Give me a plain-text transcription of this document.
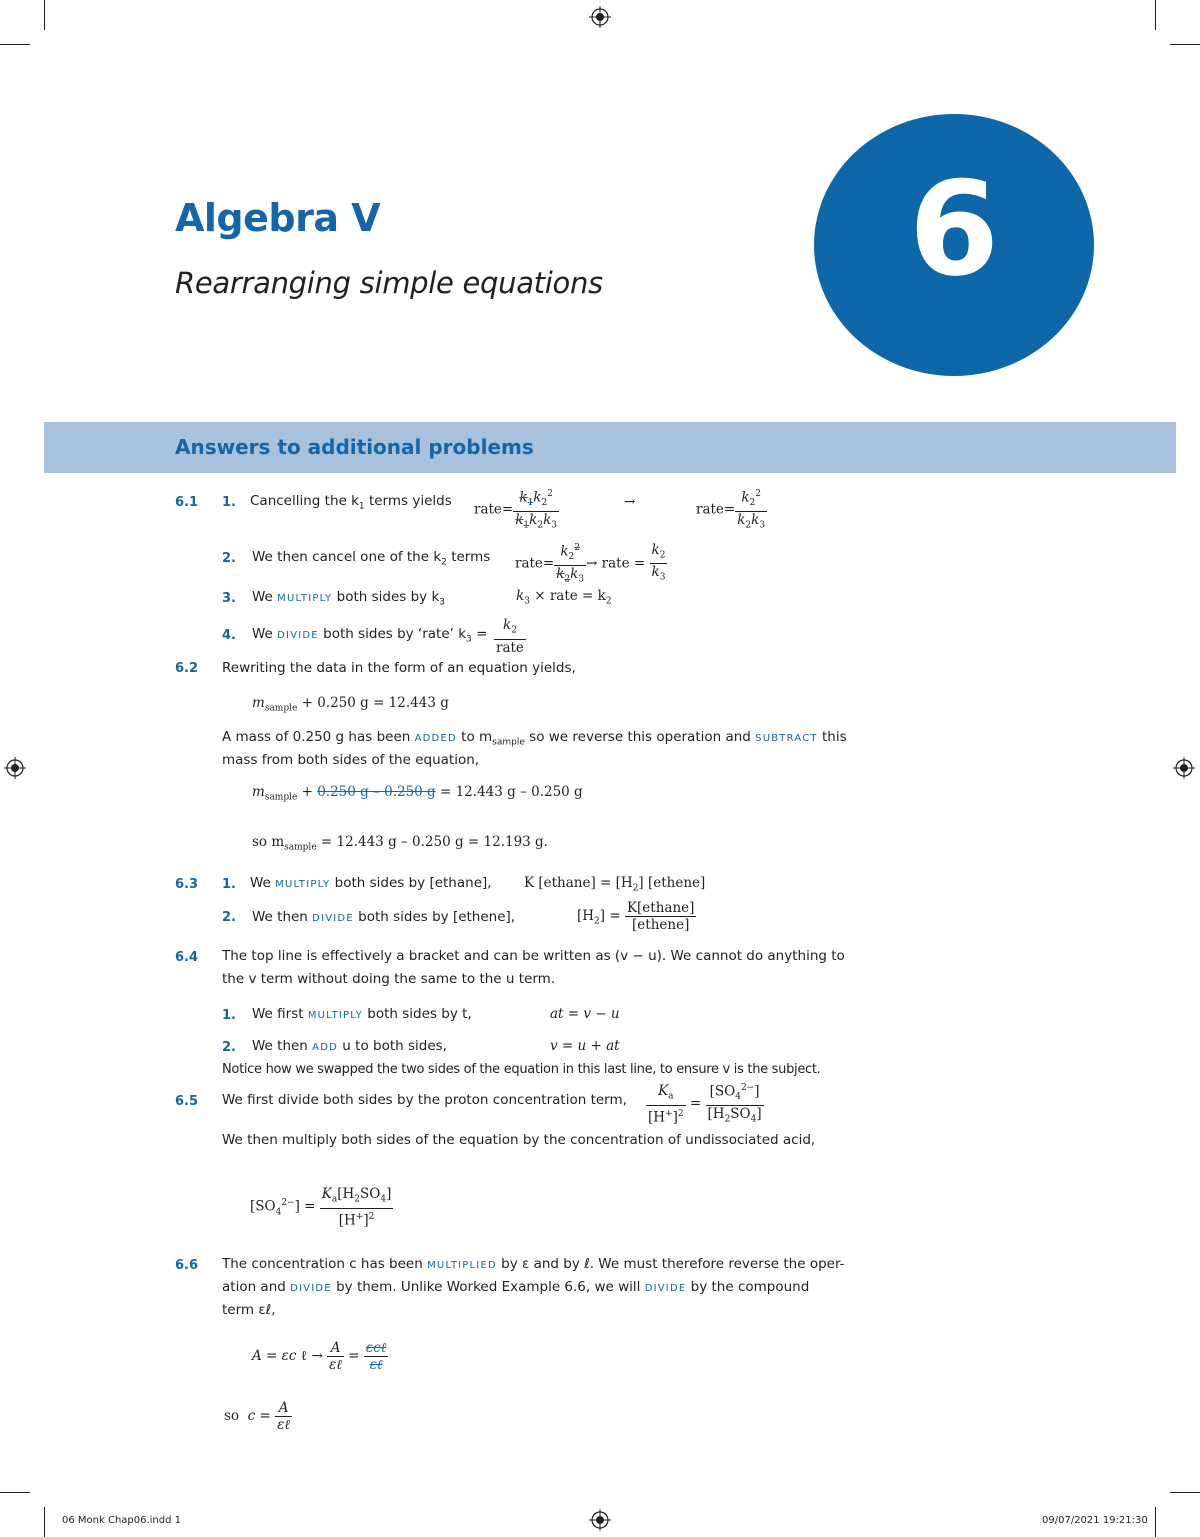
Algebra V
Rearranging simple equations	6
Answers to additional problems
6.1 1. Cancelling the $k_1$ terms yields
rate= $\frac{k_1k_2^2}{k_1k_2k_3}$	→	rate= $\frac{k_2^2}{k_2k_3}$
2. We then cancel one of the $k_2$ terms rate= $\frac{k_2^2}{k_2k_3}$ → rate = $\frac{k_2}{k_3}$
3. We MULTIPLY both sides by $k_3$	$k_3$ × rate = $k_2$
4. We DIVIDE both sides by ‘rate’ $k_3$ =
$k_2$
rate
6.2 Rewriting the data in the form of an equation yields,
$m_{sample} + 0.250$ g = 12.443 g
A mass of 0.250 g has been ADDED to $m_{sample}$ so we reverse this operation and SUBTRACT this
mass from both sides of the equation,
$m_{sample} + 0.250$ g – 0.250 g = 12.443 g – 0.250 g
so $m_{sample} = 12.443$ g – 0.250 g = 12.193 g.
6.3 1. We MULTIPLY both sides by [ethane], K [ethane] = $[H_2]$ [ethene]
2. We then DIVIDE both sides by [ethene],	$[H_2]$ = K[ethane]
[ethene]
6.4 The top line is effectively a bracket and can be written as (v − u). We cannot do anything to
the v term without doing the same to the u term.
1. We first MULTIPLY both sides by t,	at = v − u
2. We then ADD u to both sides,	v = u + at
Notice how we swapped the two sides of the equation in this last line, to ensure v is the subject.
6.5 We first divide both sides by the proton concentration term, $\frac{K_a}{[H^+]^2} = \frac{[SO_4^{2-}]}{[H_2SO_4]}$
We then multiply both sides of the equation by the concentration of undissociated acid,
$[SO_4^{2-}] = \frac{K_a[H_2SO_4]}{[H^+]^2}$
6.6 The concentration c has been MULTIPLIED by ε and by ℓ. We must therefore reverse the oper-
ation and DIVIDE by them. Unlike Worked Example 6.6, we will DIVIDE by the compound
term εℓ,
A = εc ℓ → A
εℓ
= εcℓ
εℓ
so c = A
εℓ
06 Monk Chap06.indd 1	09/07/2021 19:21:30
